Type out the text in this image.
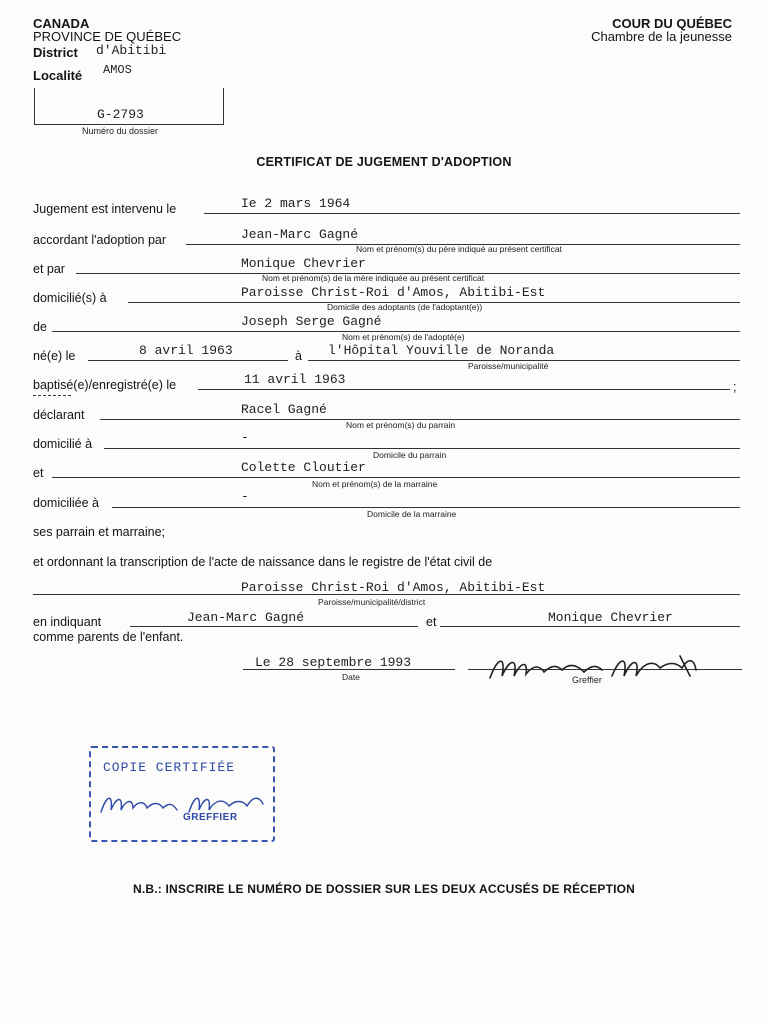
CANADA
PROVINCE DE QUÉBEC
District d'Abitibi
Localité AMOS
G-2793
Numéro du dossier
COUR DU QUÉBEC
Chambre de la jeunesse
CERTIFICAT DE JUGEMENT D'ADOPTION
Jugement est intervenu le	Ie 2 mars 1964
accordant l'adoption par	Jean-Marc Gagné
Nom et prénom(s) du père indiqué au présent certificat
et par	Monique Chevrier
Nom et prénom(s) de la mère indiquée au présent certificat
domicilié(s) à	Paroisse Christ-Roi d'Amos, Abitibi-Est
Domicile des adoptants (de l'adoptant(e))
de	Joseph Serge Gagné
Nom et prénom(s) de l'adopté(e)
né(e) le	8 avril 1963	à l'Hôpital Youville de Noranda
Paroisse/municipalité
baptisé(e)/enregistré(e) le	11 avril 1963	;
déclarant	Racel Gagné
Nom et prénom(s) du parrain
domicilié à	-
Domicile du parrain
et	Colette Cloutier
Nom et prénom(s) de la marraine
domiciliée à	-
Domicile de la marraine
ses parrain et marraine;
et ordonnant la transcription de l'acte de naissance dans le registre de l'état civil de
Paroisse Christ-Roi d'Amos, Abitibi-Est
Paroisse/municipalité/district
en indiquant	Jean-Marc Gagné	et	Monique Chevrier
comme parents de l'enfant.
Le 28 septembre 1993
Date	Greffier
COPIE CERTIFIÉE
GREFFIER
N.B.: INSCRIRE LE NUMÉRO DE DOSSIER SUR LES DEUX ACCUSÉS DE RÉCEPTION
